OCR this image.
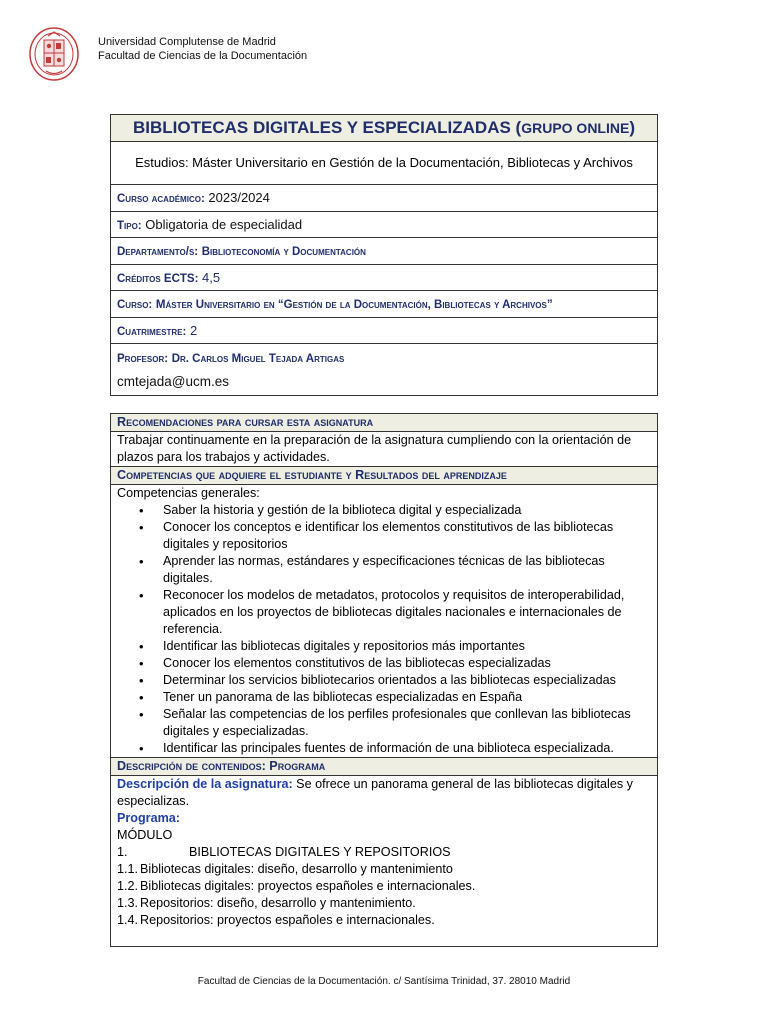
Universidad Complutense de Madrid
Facultad de Ciencias de la Documentación
BIBLIOTECAS DIGITALES Y ESPECIALIZADAS (GRUPO ONLINE)
Estudios: Máster Universitario en Gestión de la Documentación, Bibliotecas y Archivos
Curso académico: 2023/2024
Tipo: Obligatoria de especialidad
Departamento/s: Biblioteconomía y Documentación
Créditos ECTS: 4,5
Curso: Máster Universitario en “Gestión de la Documentación, Bibliotecas y Archivos”
Cuatrimestre: 2
Profesor: Dr. Carlos Miguel Tejada Artigas
cmtejada@ucm.es
Recomendaciones para cursar esta asignatura
Trabajar continuamente en la preparación de la asignatura cumpliendo con la orientación de plazos para los trabajos y actividades.
Competencias que adquiere el estudiante y Resultados del aprendizaje

Competencias generales:
• Saber la historia y gestión de la biblioteca digital y especializada
• Conocer los conceptos e identificar los elementos constitutivos de las bibliotecas digitales y repositorios
• Aprender las normas, estándares y especificaciones técnicas de las bibliotecas digitales.
• Reconocer los modelos de metadatos, protocolos y requisitos de interoperabilidad, aplicados en los proyectos de bibliotecas digitales nacionales e internacionales de referencia.
• Identificar las bibliotecas digitales y repositorios más importantes
• Conocer los elementos constitutivos de las bibliotecas especializadas
• Determinar los servicios bibliotecarios orientados a las bibliotecas especializadas
• Tener un panorama de las bibliotecas especializadas en España
• Señalar las competencias de los perfiles profesionales que conllevan las bibliotecas digitales y especializadas.
• Identificar las principales fuentes de información de una biblioteca especializada.

Descripción de contenidos: Programa

Descripción de la asignatura: Se ofrece un panorama general de las bibliotecas digitales y especializas.
Programa:
MÓDULO 1.	BIBLIOTECAS DIGITALES Y REPOSITORIOS
1.1. Bibliotecas digitales: diseño, desarrollo y mantenimiento
1.2. Bibliotecas digitales: proyectos españoles e internacionales.
1.3. Repositorios: diseño, desarrollo y mantenimiento.
1.4. Repositorios: proyectos españoles e internacionales.
Facultad de Ciencias de la Documentación. c/ Santísima Trinidad, 37. 28010 Madrid
